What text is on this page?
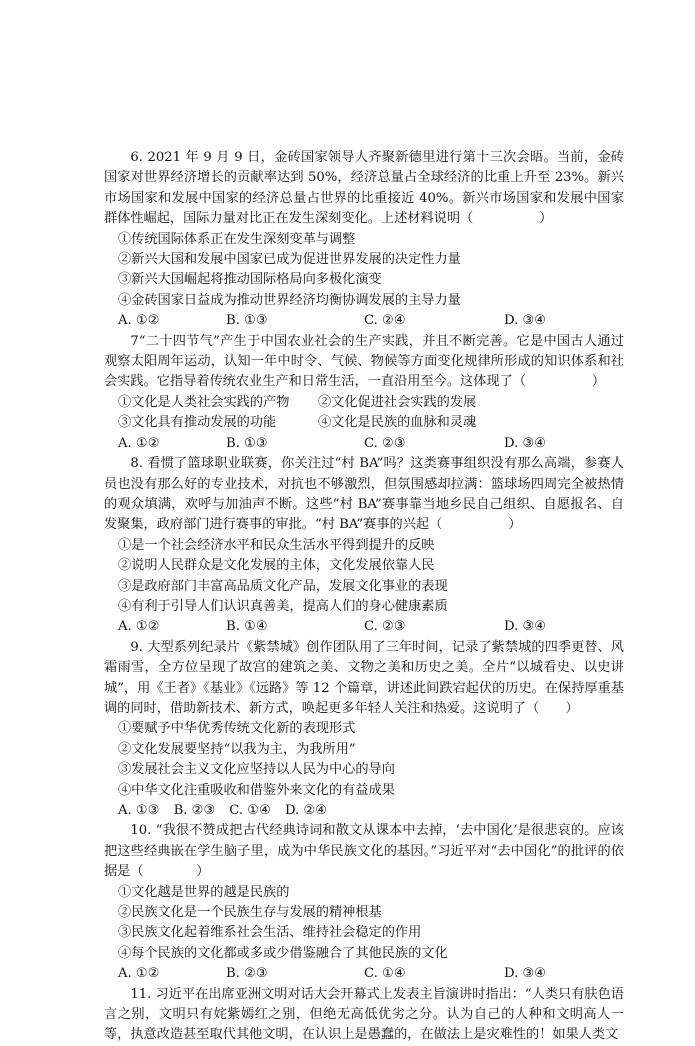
6. 2021 年 9 月 9 日，金砖国家领导人齐聚新德里进行第十三次会晤。当前，金砖国家对世界经济增长的贡献率达到 50%，经济总量占全球经济的比重上升至 23%。新兴市场国家和发展中国家的经济总量占世界的比重接近 40%。新兴市场国家和发展中国家群体性崛起，国际力量对比正在发生深刻变化。上述材料说明（　　　　　）

①传统国际体系正在发生深刻变革与调整

②新兴大国和发展中国家已成为促进世界发展的决定性力量

③新兴大国崛起将推动国际格局向多极化演变

④金砖国家日益成为推动世界经济均衡协调发展的主导力量

A. ①②	B. ①③	C. ②④	D. ③④

7“二十四节气”产生于中国农业社会的生产实践，并且不断完善。它是中国古人通过观察太阳周年运动，认知一年中时令、气候、物候等方面变化规律所形成的知识体系和社会实践。它指导着传统农业生产和日常生活，一直沿用至今。这体现了（　　　　　）

①文化是人类社会实践的产物	②文化促进社会实践的发展
③文化具有推动发展的功能	④文化是民族的血脉和灵魂
A. ①②	B. ①③	C. ②③	D. ③④

8. 看惯了篮球职业联赛，你关注过“村 BA”吗？这类赛事组织没有那么高端，参赛人员也没有那么好的专业技术，对抗也不够激烈，但氛围感却拉满：篮球场四周完全被热情的观众填满，欢呼与加油声不断。这些“村 BA”赛事靠当地乡民自己组织、自愿报名、自发聚集，政府部门进行赛事的审批。“村 BA”赛事的兴起（　　　　　）

①是一个社会经济水平和民众生活水平得到提升的反映

②说明人民群众是文化发展的主体，文化发展依靠人民

③是政府部门丰富高品质文化产品，发展文化事业的表现

④有利于引导人们认识真善美，提高人们的身心健康素质

A. ①②	B. ①④	C. ②③	D. ③④

9. 大型系列纪录片《紫禁城》创作团队用了三年时间，记录了紫禁城的四季更替、风霜雨雪，全方位呈现了故宫的建筑之美、文物之美和历史之美。全片“以城看史、以史讲城”，用《王者》《基业》《远路》等 12 个篇章，讲述此间跌宕起伏的历史。在保持厚重基调的同时，借助新技术、新方式，唤起更多年轻人关注和热爱。这说明了（　　）

①要赋予中华优秀传统文化新的表现形式

②文化发展要坚持“以我为主，为我所用”

③发展社会主义文化应坚持以人民为中心的导向

④中华文化注重吸收和借鉴外来文化的有益成果

A. ①③ B. ②③ C. ①④ D. ②④

10. “我很不赞成把古代经典诗词和散文从课本中去掉，‘去中国化’是很悲哀的。应该把这些经典嵌在学生脑子里，成为中华民族文化的基因。”习近平对“去中国化”的批评的依据是（　　　　）

①文化越是世界的越是民族的

②民族文化是一个民族生存与发展的精神根基

③民族文化起着维系社会生活、维持社会稳定的作用

④每个民族的文化都或多或少借鉴融合了其他民族的文化

A. ①②	B. ②③	C. ①④	D. ③④

11. 习近平在出席亚洲文明对话大会开幕式上发表主旨演讲时指出：“人类只有肤色语言之别，文明只有姹紫嫣红之别，但绝无高低优劣之分。认为自己的人种和文明高人一等，执意改造甚至取代其他文明，在认识上是愚蠢的，在做法上是灾难性的！如果人类文
